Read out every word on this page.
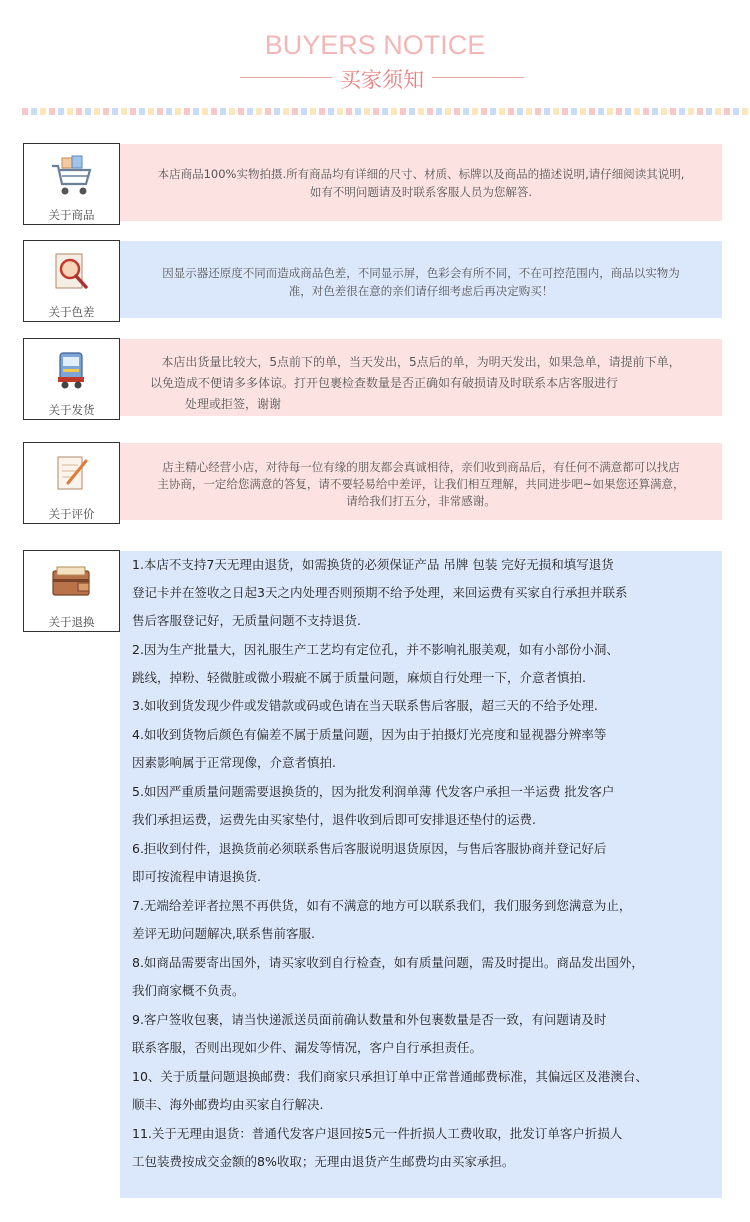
BUYERS NOTICE
买家须知
关于商品
本店商品100%实物拍摄.所有商品均有详细的尺寸、材质、标牌以及商品的描述说明,请仔细阅读其说明,
如有不明问题请及时联系客服人员为您解答.
关于色差
因显示器还原度不同而造成商品色差，不同显示屏，色彩会有所不同，不在可控范围内，商品以实物为
准，对色差很在意的亲们请仔细考虑后再决定购买！
关于发货
本店出货量比较大，5点前下的单，当天发出，5点后的单，为明天发出，如果急单，请提前下单，
以免造成不便请多多体谅。打开包裹检查数量是否正确如有破损请及时联系本店客服进行
处理或拒签，谢谢
关于评价
店主精心经营小店，对待每一位有缘的朋友都会真诚相待，亲们收到商品后，有任何不满意都可以找店
主协商，一定给您满意的答复，请不要轻易给中差评，让我们相互理解，共同进步吧~如果您还算满意，
请给我们打五分，非常感谢。
关于退换
1.本店不支持7天无理由退货，如需换货的必须保证产品 吊牌 包装 完好无损和填写退货
登记卡并在签收之日起3天之内处理否则预期不给予处理，来回运费有买家自行承担并联系
售后客服登记好，无质量问题不支持退货.
2.因为生产批量大，因礼服生产工艺均有定位孔，并不影响礼服美观，如有小部份小洞、
跳线，掉粉、轻微脏或微小瑕疵不属于质量问题，麻烦自行处理一下，介意者慎拍.
3.如收到货发现少件或发错款或码或色请在当天联系售后客服，超三天的不给予处理.
4.如收到货物后颜色有偏差不属于质量问题，因为由于拍摄灯光亮度和显视器分辨率等
因素影响属于正常现像，介意者慎拍.
5.如因严重质量问题需要退换货的，因为批发利润单薄 代发客户承担一半运费 批发客户
我们承担运费，运费先由买家垫付，退件收到后即可安排退还垫付的运费.
6.拒收到付件，退换货前必须联系售后客服说明退货原因，与售后客服协商并登记好后
即可按流程申请退换货.
7.无端给差评者拉黑不再供货，如有不满意的地方可以联系我们，我们服务到您满意为止，
差评无助问题解决,联系售前客服.
8.如商品需要寄出国外，请买家收到自行检查，如有质量问题，需及时提出。商品发出国外，
我们商家概不负责。
9.客户签收包裹，请当快递派送员面前确认数量和外包裹数量是否一致，有问题请及时
联系客服，否则出现如少件、漏发等情况，客户自行承担责任。
10、关于质量问题退换邮费：我们商家只承担订单中正常普通邮费标准，其偏远区及港澳台、
顺丰、海外邮费均由买家自行解决.
11.关于无理由退货：普通代发客户退回按5元一件折损人工费收取，批发订单客户折损人
工包装费按成交金额的8%收取；无理由退货产生邮费均由买家承担。
